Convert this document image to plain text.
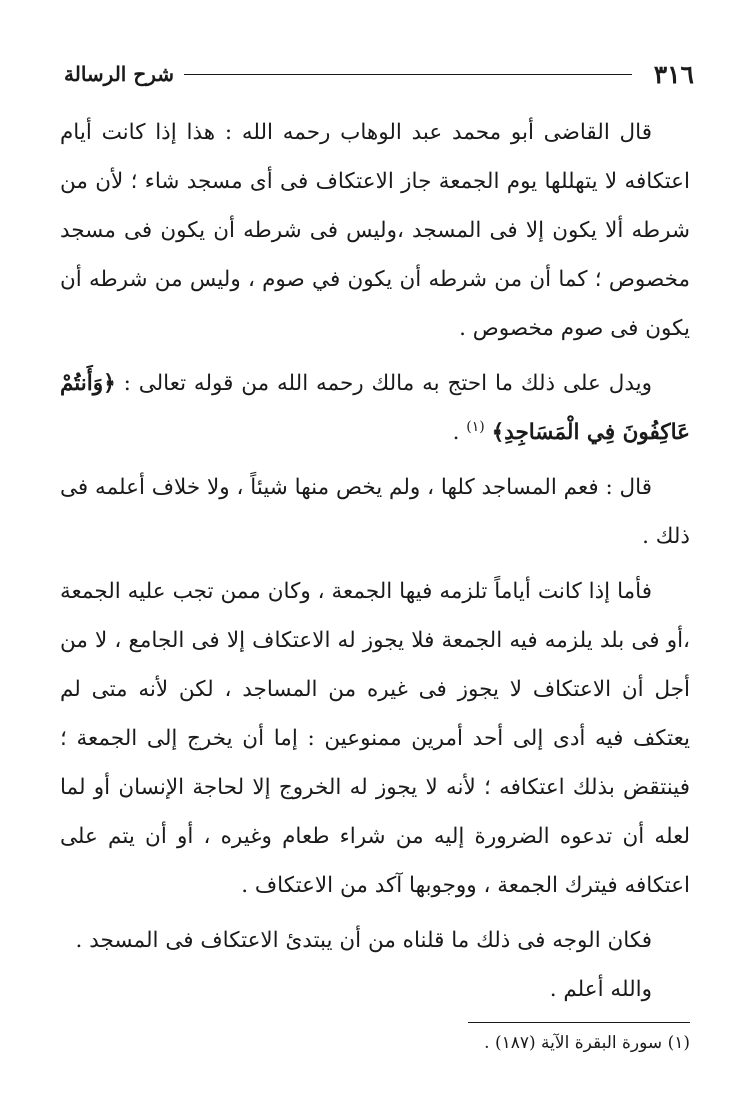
٣١٦
شرح الرسالة

قال القاضى أبو محمد عبد الوهاب رحمه الله : هذا إذا كانت أيام اعتكافه لا يتهللها يوم الجمعة جاز الاعتكاف فى أى مسجد شاء ؛ لأن من شرطه ألا يكون إلا فى المسجد ،وليس فى شرطه أن يكون فى مسجد مخصوص ؛ كما أن من شرطه أن يكون في صوم ، وليس من شرطه أن يكون فى صوم مخصوص .

ويدل على ذلك ما احتج به مالك رحمه الله من قوله تعالى : ﴿وَأَنتُمْ عَاكِفُونَ فِي الْمَسَاجِدِ﴾ $^{(١)}$ .

قال : فعم المساجد كلها ، ولم يخص منها شيئاً ، ولا خلاف أعلمه فى ذلك .

فأما إذا كانت أياماً تلزمه فيها الجمعة ، وكان ممن تجب عليه الجمعة ،أو فى بلد يلزمه فيه الجمعة فلا يجوز له الاعتكاف إلا فى الجامع ، لا من أجل أن الاعتكاف لا يجوز فى غيره من المساجد ، لكن لأنه متى لم يعتكف فيه أدى إلى أحد أمرين ممنوعين : إما أن يخرج إلى الجمعة ؛ فينتقض بذلك اعتكافه ؛ لأنه لا يجوز له الخروج إلا لحاجة الإنسان أو لما لعله أن تدعوه الضرورة إليه من شراء طعام وغيره ، أو أن يتم على اعتكافه فيترك الجمعة ، ووجوبها آكد من الاعتكاف .

فكان الوجه فى ذلك ما قلناه من أن يبتدئ الاعتكاف فى المسجد .

والله أعلم .

(١) سورة البقرة الآية (١٨٧) .
